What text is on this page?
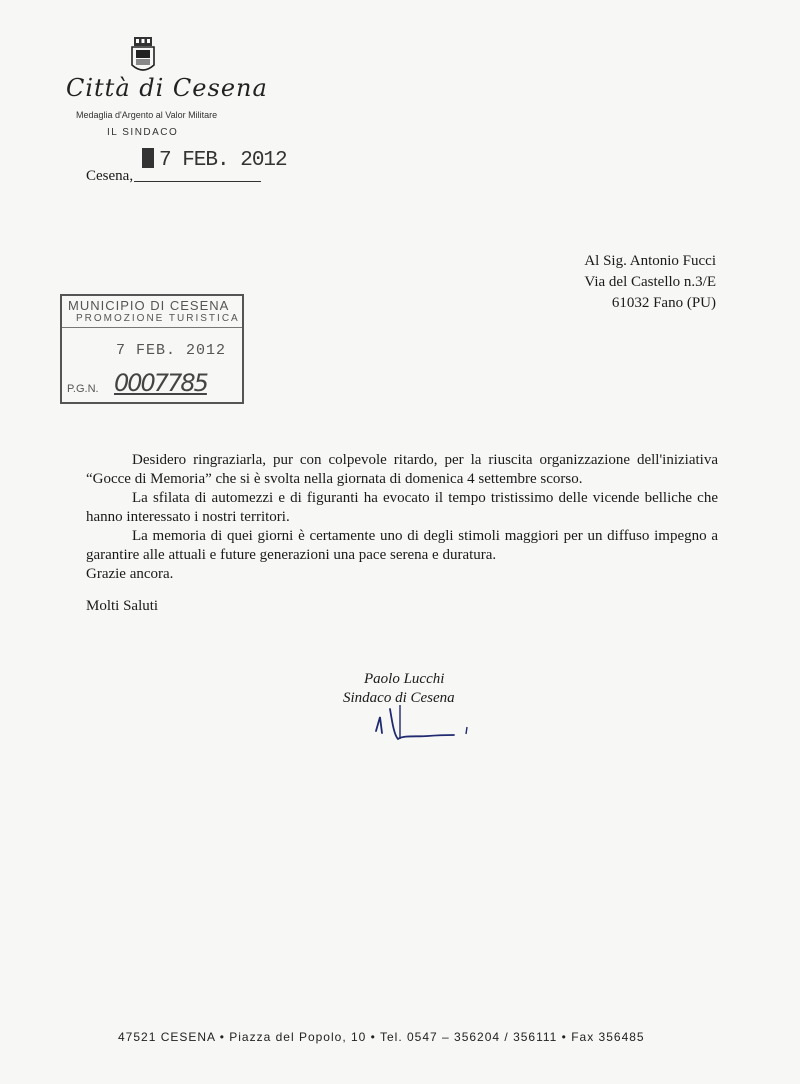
Città di Cesena
Medaglia d'Argento al Valor Militare
IL SINDACO
Cesena,
7 FEB. 2012
Al Sig. Antonio Fucci
Via del Castello n.3/E
61032 Fano (PU)
MUNICIPIO DI CESENA
PROMOZIONE TURISTICA
7 FEB. 2012
P.G.N. 0007785

Desidero ringraziarla, pur con colpevole ritardo, per la riuscita organizzazione dell'iniziativa “Gocce di Memoria” che si è svolta nella giornata di domenica 4 settembre scorso.

La sfilata di automezzi e di figuranti ha evocato il tempo tristissimo delle vicende belliche che hanno interessato i nostri territori.

La memoria di quei giorni è certamente uno di degli stimoli maggiori per un diffuso impegno a garantire alle attuali e future generazioni una pace serena e duratura.

Grazie ancora.

Molti Saluti
Paolo Lucchi
Sindaco di Cesena
47521 CESENA • Piazza del Popolo, 10 • Tel. 0547 – 356204 / 356111 • Fax 356485
